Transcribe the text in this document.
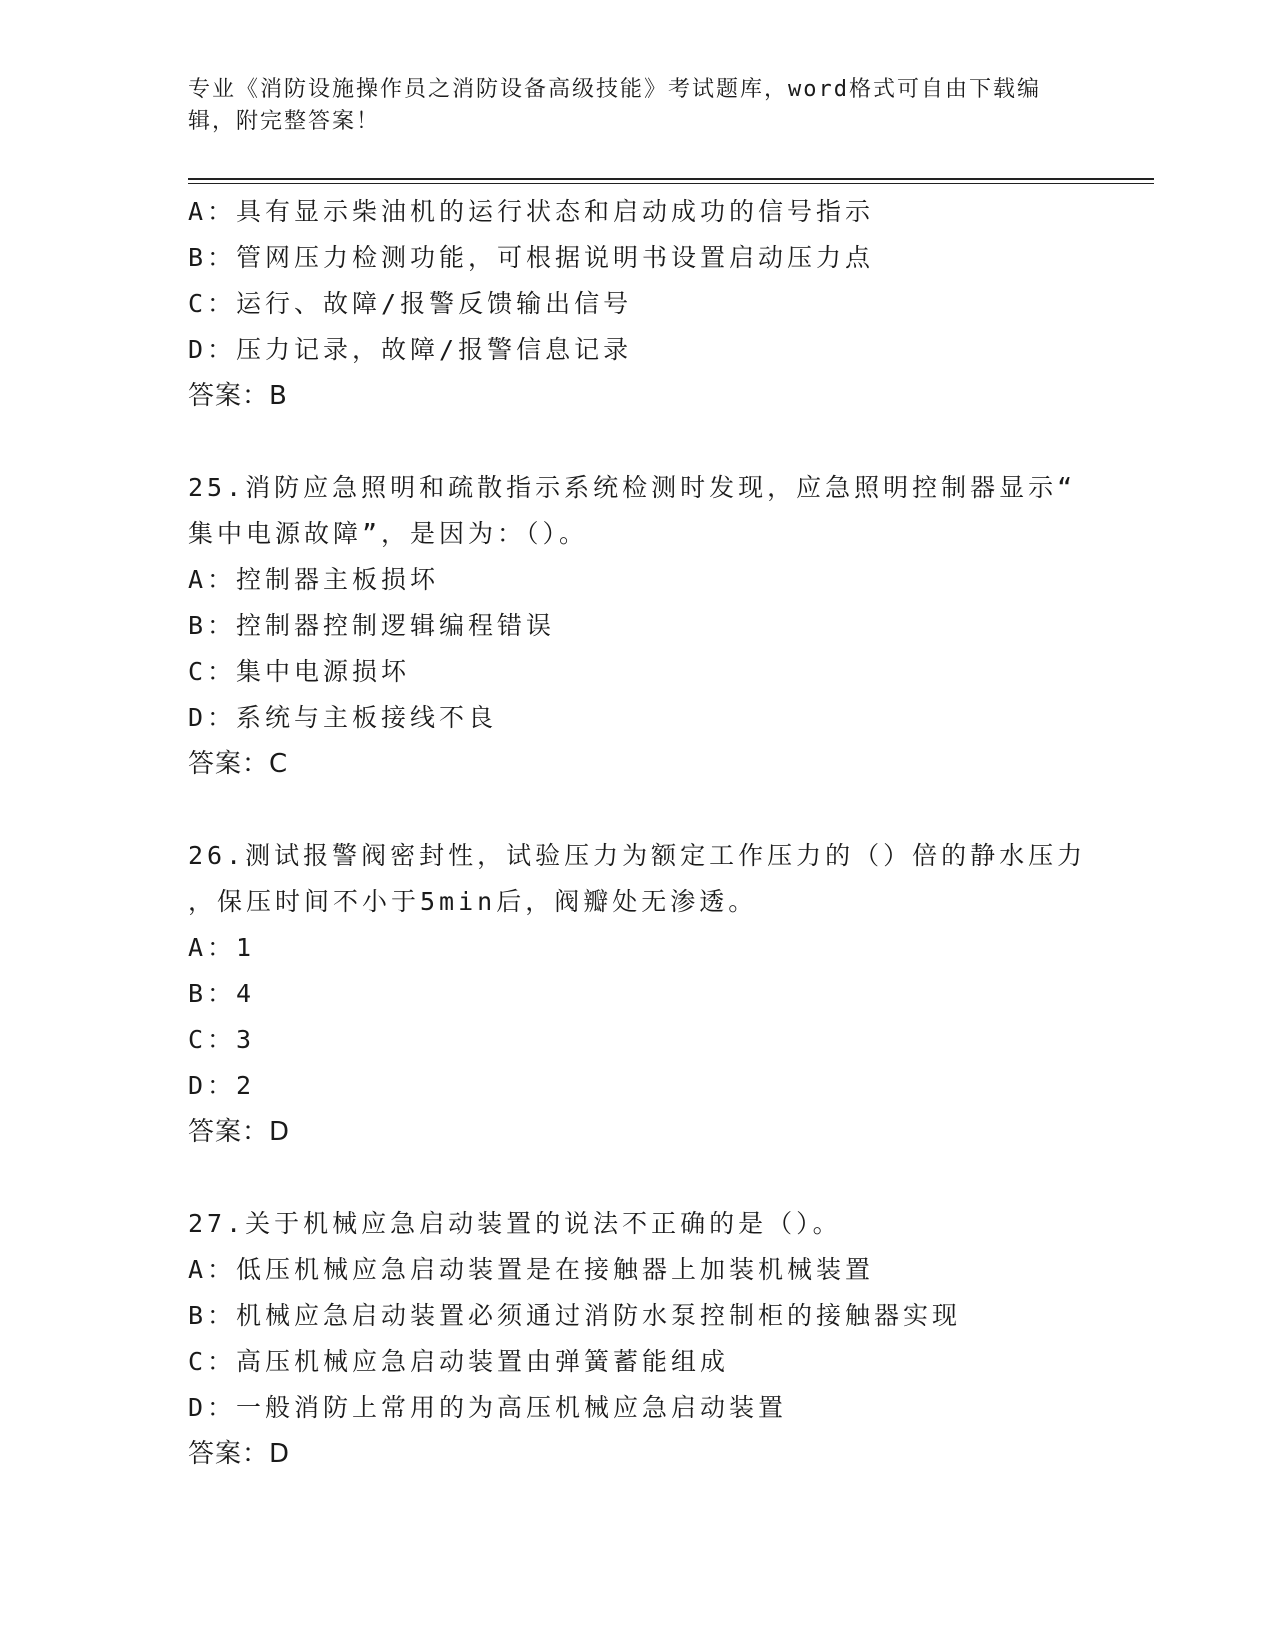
专业《消防设施操作员之消防设备高级技能》考试题库，word格式可自由下载编辑，附完整答案！
A：具有显示柴油机的运行状态和启动成功的信号指示
B：管网压力检测功能，可根据说明书设置启动压力点
C：运行、故障/报警反馈输出信号
D：压力记录，故障/报警信息记录
答案：B
25.消防应急照明和疏散指示系统检测时发现，应急照明控制器显示“
集中电源故障”，是因为：（）。
A：控制器主板损坏
B：控制器控制逻辑编程错误
C：集中电源损坏
D：系统与主板接线不良
答案：C
26.测试报警阀密封性，试验压力为额定工作压力的（）倍的静水压力
，保压时间不小于5min后，阀瓣处无渗透。
A：1
B：4
C：3
D：2
答案：D
27.关于机械应急启动装置的说法不正确的是（）。
A：低压机械应急启动装置是在接触器上加装机械装置
B：机械应急启动装置必须通过消防水泵控制柜的接触器实现
C：高压机械应急启动装置由弹簧蓄能组成
D：一般消防上常用的为高压机械应急启动装置
答案：D
